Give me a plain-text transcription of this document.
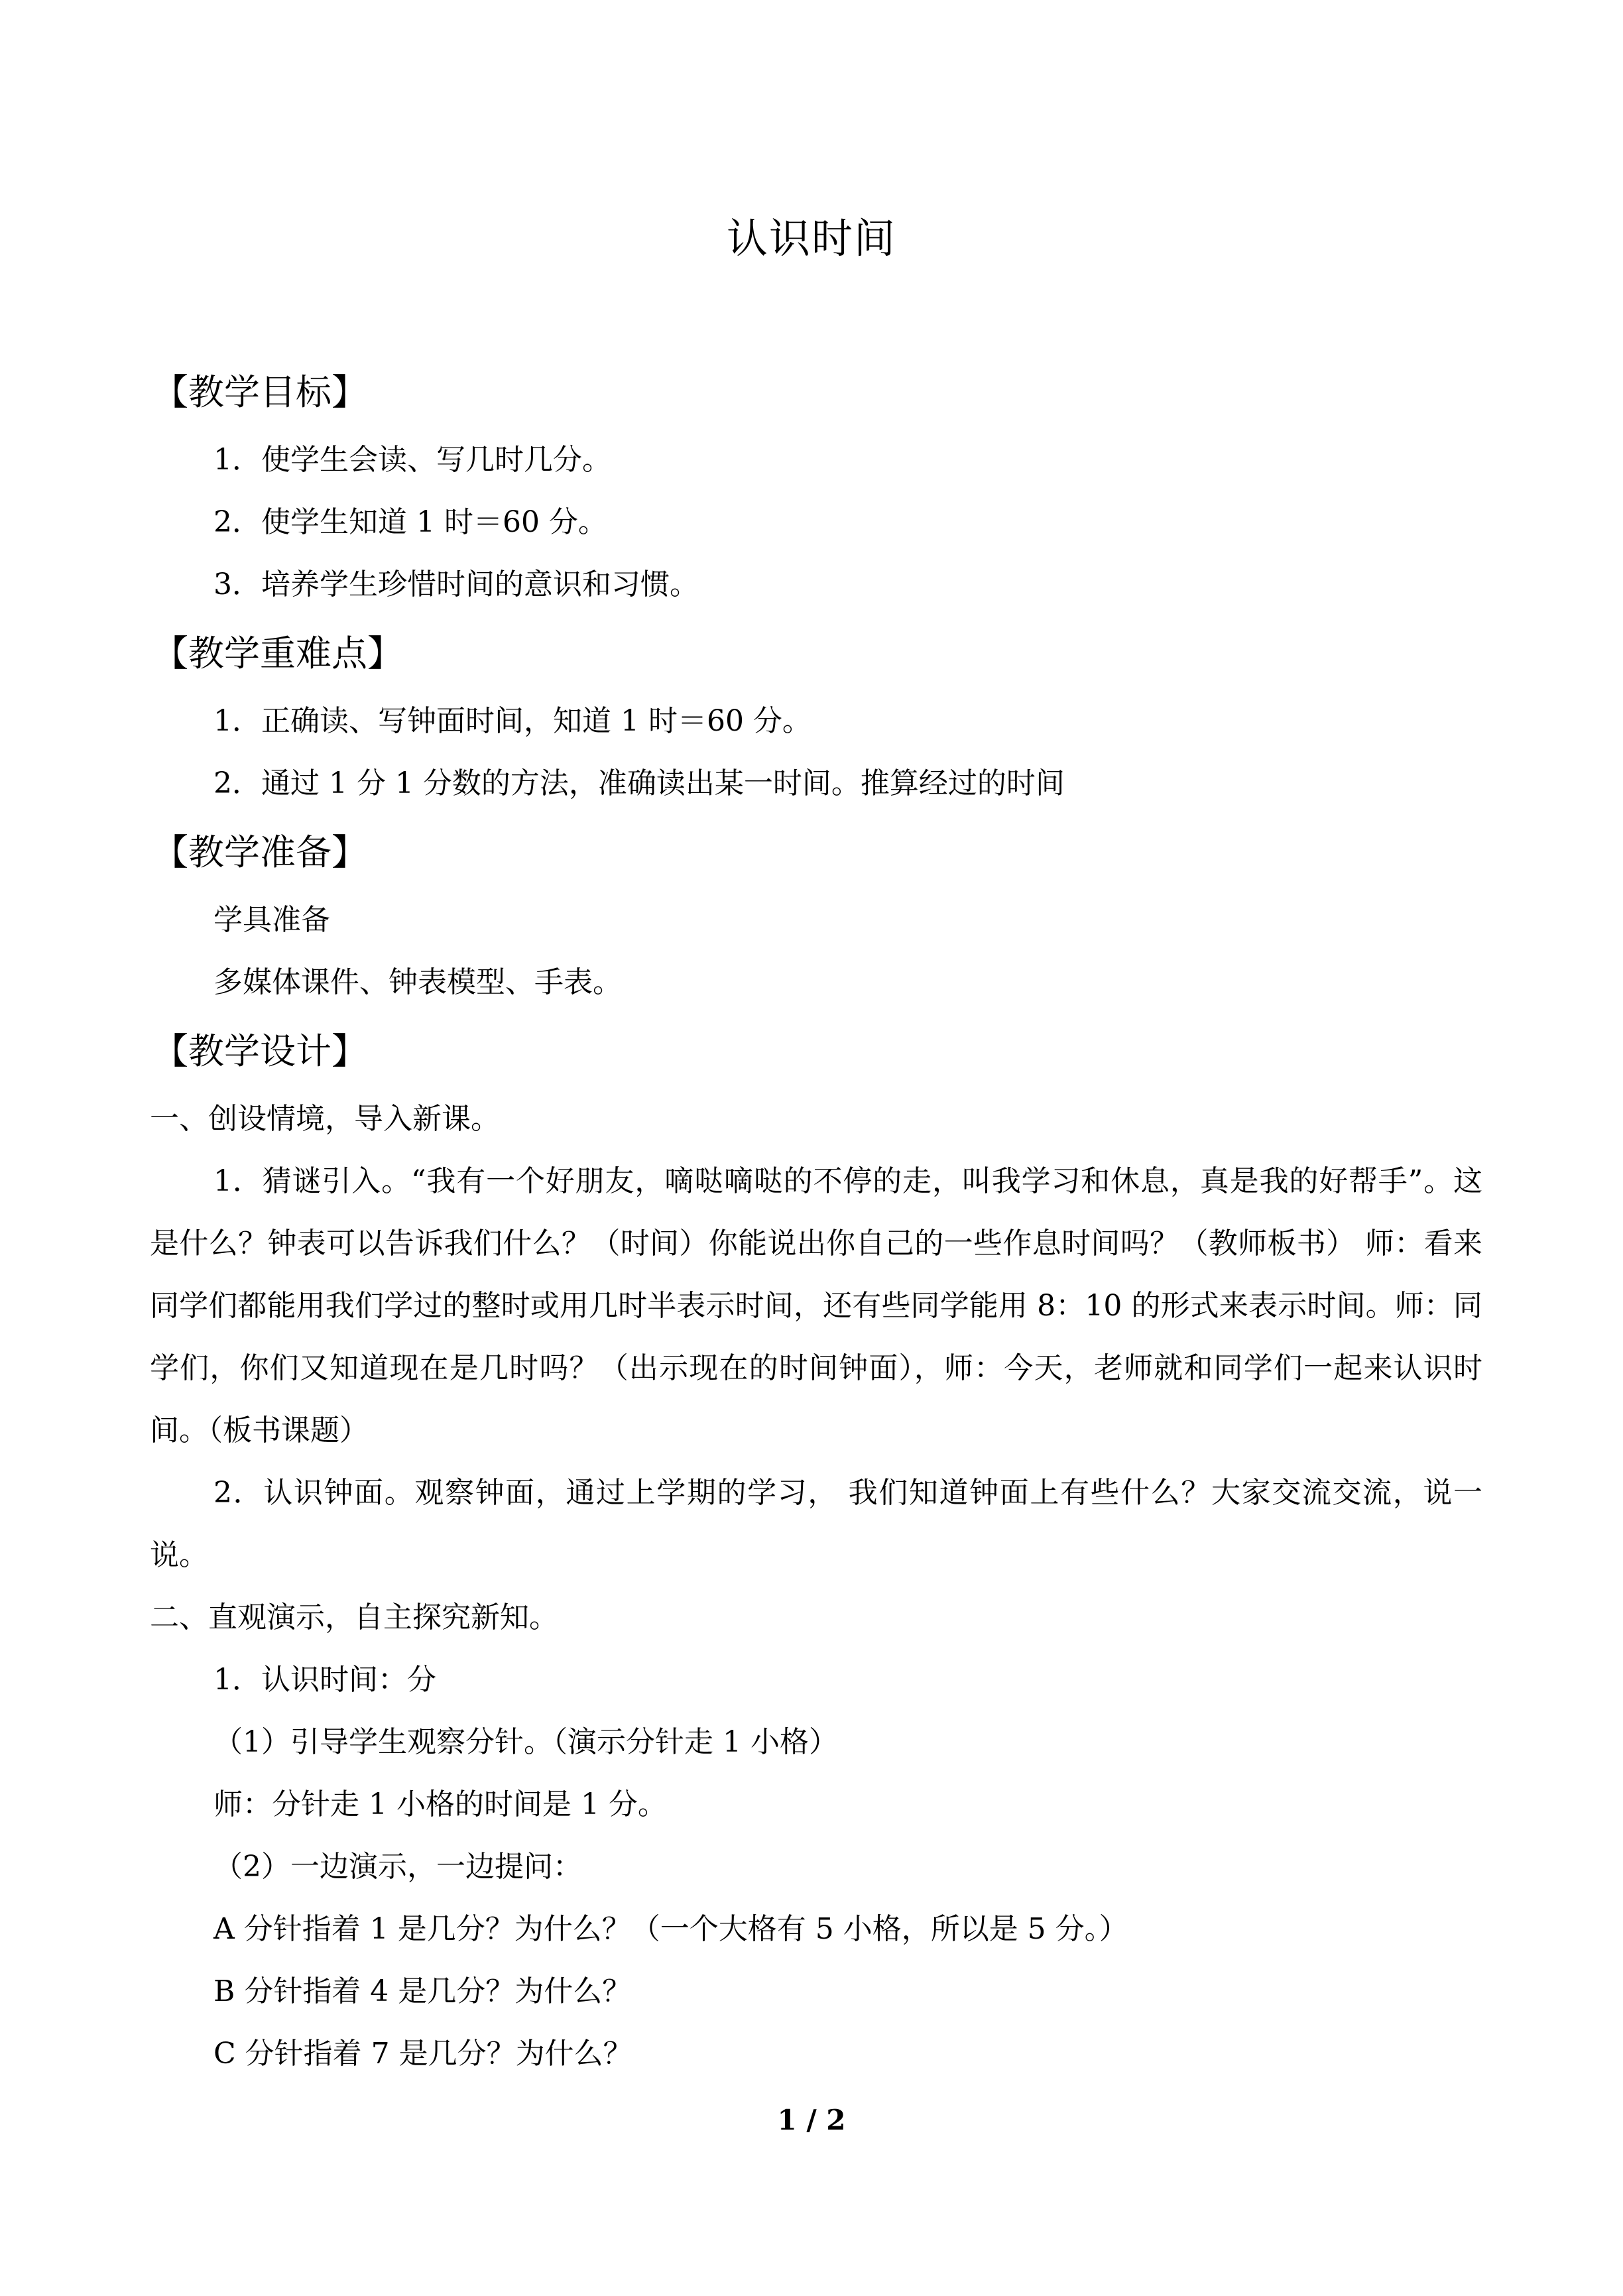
认识时间
【教学目标】
1．使学生会读、写几时几分。
2．使学生知道 1 时＝60 分。
3．培养学生珍惜时间的意识和习惯。
【教学重难点】
1．正确读、写钟面时间，知道 1 时＝60 分。
2．通过 1 分 1 分数的方法，准确读出某一时间。推算经过的时间
【教学准备】
学具准备
多媒体课件、钟表模型、手表。
【教学设计】
一、创设情境，导入新课。
1．猜谜引入。“我有一个好朋友，嘀哒嘀哒的不停的走，叫我学习和休息，真是我的好帮手”。这是什么？钟表可以告诉我们什么？（时间）你能说出你自己的一些作息时间吗？（教师板书） 师：看来同学们都能用我们学过的整时或用几时半表示时间，还有些同学能用 8：10 的形式来表示时间。师：同学们，你们又知道现在是几时吗？（出示现在的时间钟面），师：今天，老师就和同学们一起来认识时间。（板书课题）
2．认识钟面。观察钟面，通过上学期的学习， 我们知道钟面上有些什么？大家交流交流，说一说。
二、直观演示，自主探究新知。
1．认识时间：分
（1）引导学生观察分针。（演示分针走 1 小格）
师：分针走 1 小格的时间是 1 分。
（2）一边演示，一边提问：
A 分针指着 1 是几分？为什么？（一个大格有 5 小格，所以是 5 分。）
B 分针指着 4 是几分？为什么？
C 分针指着 7 是几分？为什么？
1 / 2
